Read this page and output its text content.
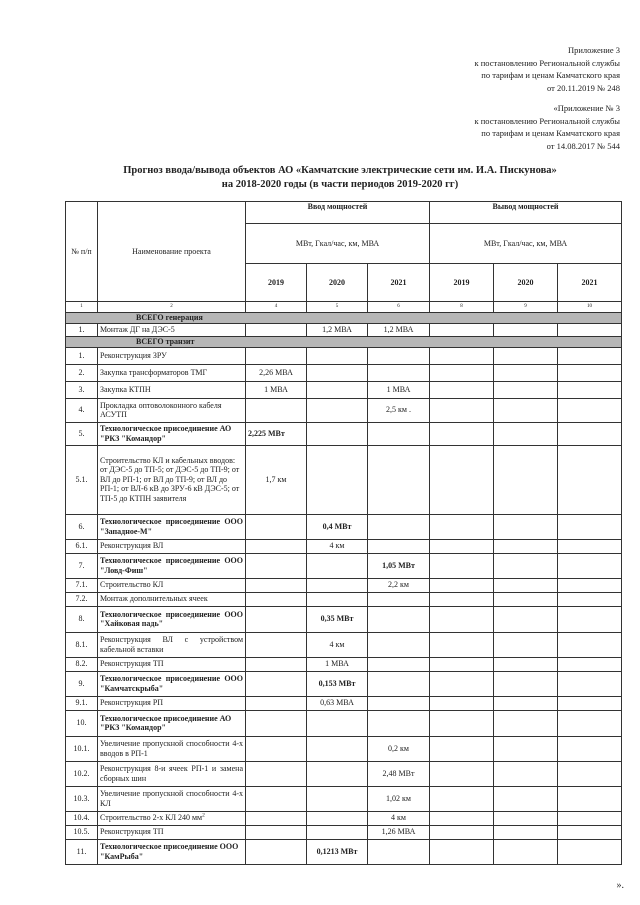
Приложение 3
к постановлению Региональной службы
по тарифам и ценам Камчатского края
от 20.11.2019 № 248
«Приложение № 3
к постановлению Региональной службы
по тарифам и ценам Камчатского края
от 14.08.2017 № 544
Прогноз ввода/вывода объектов АО «Камчатские электрические сети им. И.А. Пискунова»
на 2018-2020 годы (в части периодов 2019-2020 гг)
№ п/п	Наименование проекта	Ввод мощностей			Вывод мощностей		
		МВт, Гкал/час, км, МВА			МВт, Гкал/час, км, МВА		
		2019	2020	2021	2019	2020	2021
1	2	4	5	6	8	9	10
ВСЕГО генерация							
1.	Монтаж ДГ на ДЭС-5		1,2 МВА	1,2 МВА			
ВСЕГО транзит							
1.	Реконструкция ЗРУ						
2.	Закупка трансформаторов ТМГ	2,26 МВА					
3.	Закупка КТПН	1 МВА		1 МВА			
4.	Прокладка оптоволоконного кабеля АСУТП			2,5 км .			
5.	Технологическое присоединение АО "РКЗ "Командор"	2,225 МВт					
5.1.	Строительство КЛ и кабельных вводов: от ДЭС-5 до ТП-5; от ДЭС-5 до ТП-9; от ВЛ до РП-1; от ВЛ до ТП-9; от ВЛ до РП-1; от ВЛ-6 кВ до ЗРУ-6 кВ ДЭС-5; от ТП-5 до КТПН заявителя	1,7 км					
6.	Технологическое присоединение ООО "Западное-М"		0,4 МВт				
6.1.	Реконструкция ВЛ		4 км				
7.	Технологическое присоединение ООО "Ловд-Фиш"			1,05 МВт			
7.1.	Строительство КЛ			2,2 км			
7.2.	Монтаж дополнительных ячеек						
8.	Технологическое присоединение ООО "Хайковая падь"		0,35 МВт				
8.1.	Реконструкция ВЛ с устройством кабельной вставки		4 км				
8.2.	Реконструкция ТП		1 МВА				
9.	Технологическое присоединение ООО "Камчатскрыба"		0,153 МВт				
9.1.	Реконструкция РП		0,63 МВА				
10.	Технологическое присоединение АО "РКЗ "Командор"						
10.1.	Увеличение пропускной способности 4-х вводов в РП-1			0,2 км			
10.2.	Реконструкция 8-и ячеек РП-1 и замена сборных шин			2,48 МВт			
10.3.	Увеличение пропускной способности 4-х КЛ			1,02 км			
10.4.	Строительство 2-х КЛ 240 $мм^2$			4 км			
10.5.	Реконструкция ТП			1,26 МВА			
11.	Технологическое присоединение ООО "КамРыба"		0,1213 МВт				
».
